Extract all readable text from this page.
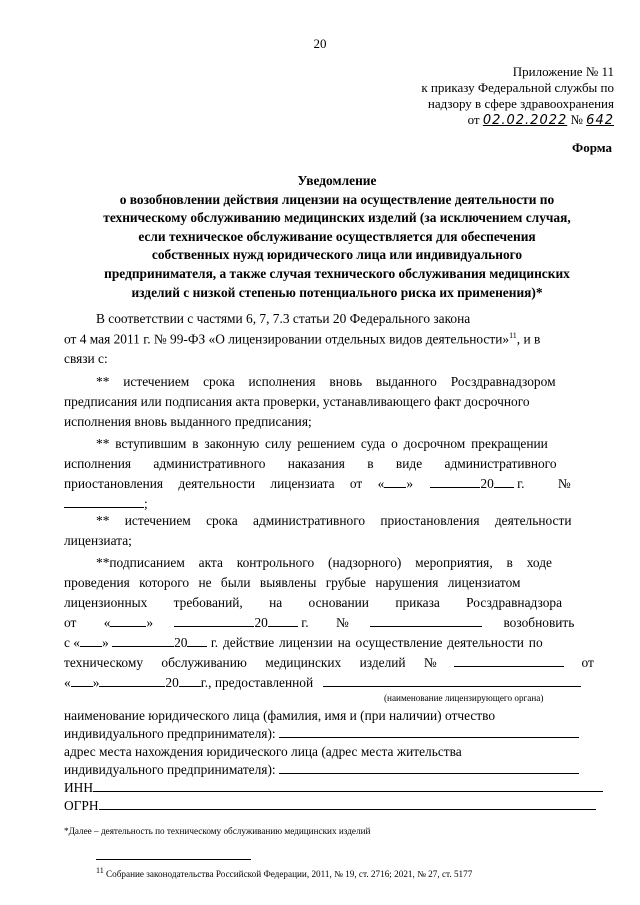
20
Приложение № 11
к приказу Федеральной службы по
надзору в сфере здравоохранения
от 02.02.2022 № 642
Форма
Уведомление
о возобновлении действия лицензии на осуществление деятельности по
техническому обслуживанию медицинских изделий (за исключением случая,
если техническое обслуживание осуществляется для обеспечения
собственных нужд юридического лица или индивидуального
предпринимателя, а также случая технического обслуживания медицинских
изделий с низкой степенью потенциального риска их применения)*
В соответствии с частями 6, 7, 7.3 статьи 20 Федерального закона
от 4 мая 2011 г. № 99-ФЗ «О лицензировании отдельных видов деятельности»$^{11}$, и в
связи с:
** истечением срока исполнения вновь выданного Росздравнадзором
предписания или подписания акта проверки, устанавливающего факт досрочного
исполнения вновь выданного предписания;
** вступившим в законную силу решением суда о досрочном прекращении
исполнения административного наказания в виде административного
приостановления деятельности лицензиата от « »	20 г. №
;
** истечением срока административного приостановления деятельности
лицензиата;
**подписанием акта контрольного (надзорного) мероприятия, в ходе
проведения которого не были выявлены грубые нарушения лицензиатом
лицензионных требований, на основании приказа Росздравнадзора
от «	»	20 г. №	возобновить
с « »	20 г. действие лицензии на осуществление деятельности по
техническому обслуживанию медицинских изделий №	от
« »	20 г., предоставленной
(наименование лицензирующего органа)
наименование юридического лица (фамилия, имя и (при наличии) отчество
индивидуального предпринимателя):
адрес места нахождения юридического лица (адрес места жительства
индивидуального предпринимателя):
ИНН
ОГРН
*Далее – деятельность по техническому обслуживанию медицинских изделий
$^{11}$ Собрание законодательства Российской Федерации, 2011, № 19, ст. 2716; 2021, № 27, ст. 5177
